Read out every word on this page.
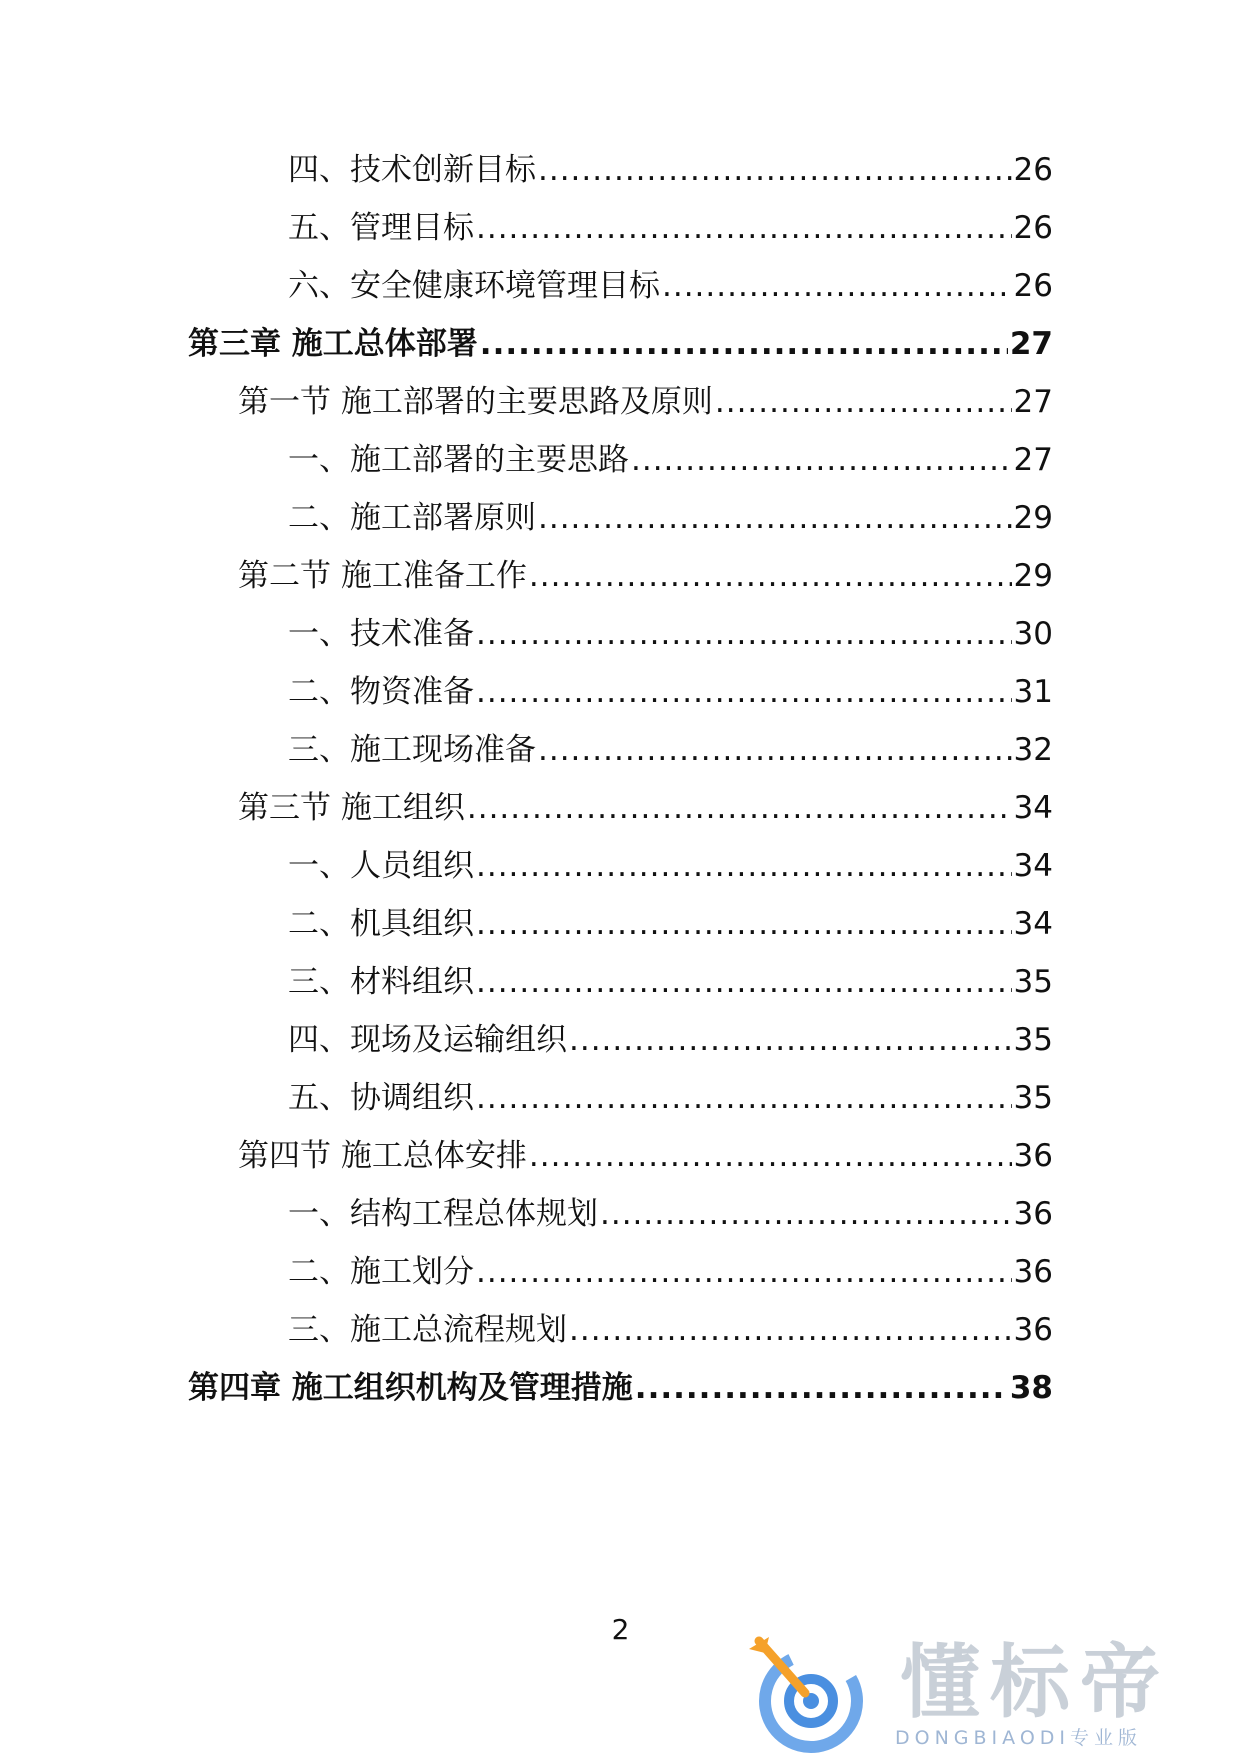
四、技术创新目标 .....	26
五、管理目标 .....	26
六、安全健康环境管理目标 .....	26
第三章 施工总体部署 .....	27
第一节 施工部署的主要思路及原则 .....	27
一、施工部署的主要思路 .....	27
二、施工部署原则 .....	29
第二节 施工准备工作 .....	29
一、技术准备 .....	30
二、物资准备 .....	31
三、施工现场准备 .....	32
第三节 施工组织 .....	34
一、人员组织 .....	34
二、机具组织 .....	34
三、材料组织 .....	35
四、现场及运输组织 .....	35
五、协调组织 .....	35
第四节 施工总体安排 .....	36
一、结构工程总体规划 .....	36
二、施工划分 .....	36
三、施工总流程规划 .....	36
第四章 施工组织机构及管理措施 .....	38
2
懂标帝
DONGBIAODI专业版
